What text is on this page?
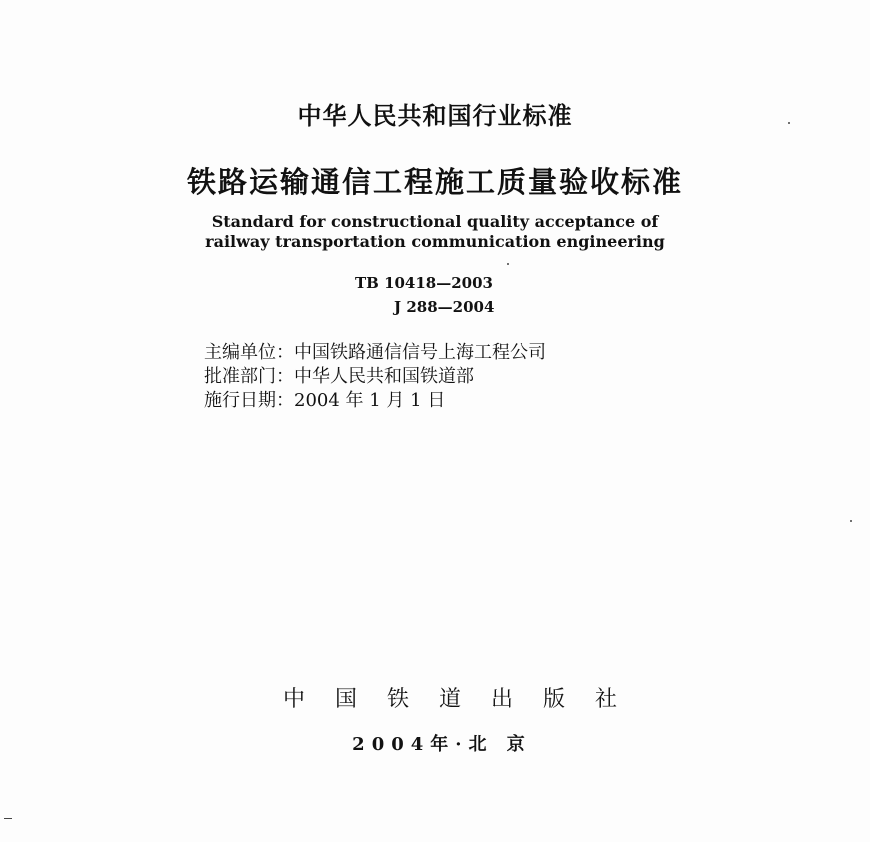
中华人民共和国行业标准
铁路运输通信工程施工质量验收标准
Standard for constructional quality acceptance of
railway transportation communication engineering
TB 10418—2003
J 288—2004
主编单位：中国铁路通信信号上海工程公司
批准部门：中华人民共和国铁道部
施行日期：2004 年 1 月 1 日
中国铁道出版社
2004年·北 京
